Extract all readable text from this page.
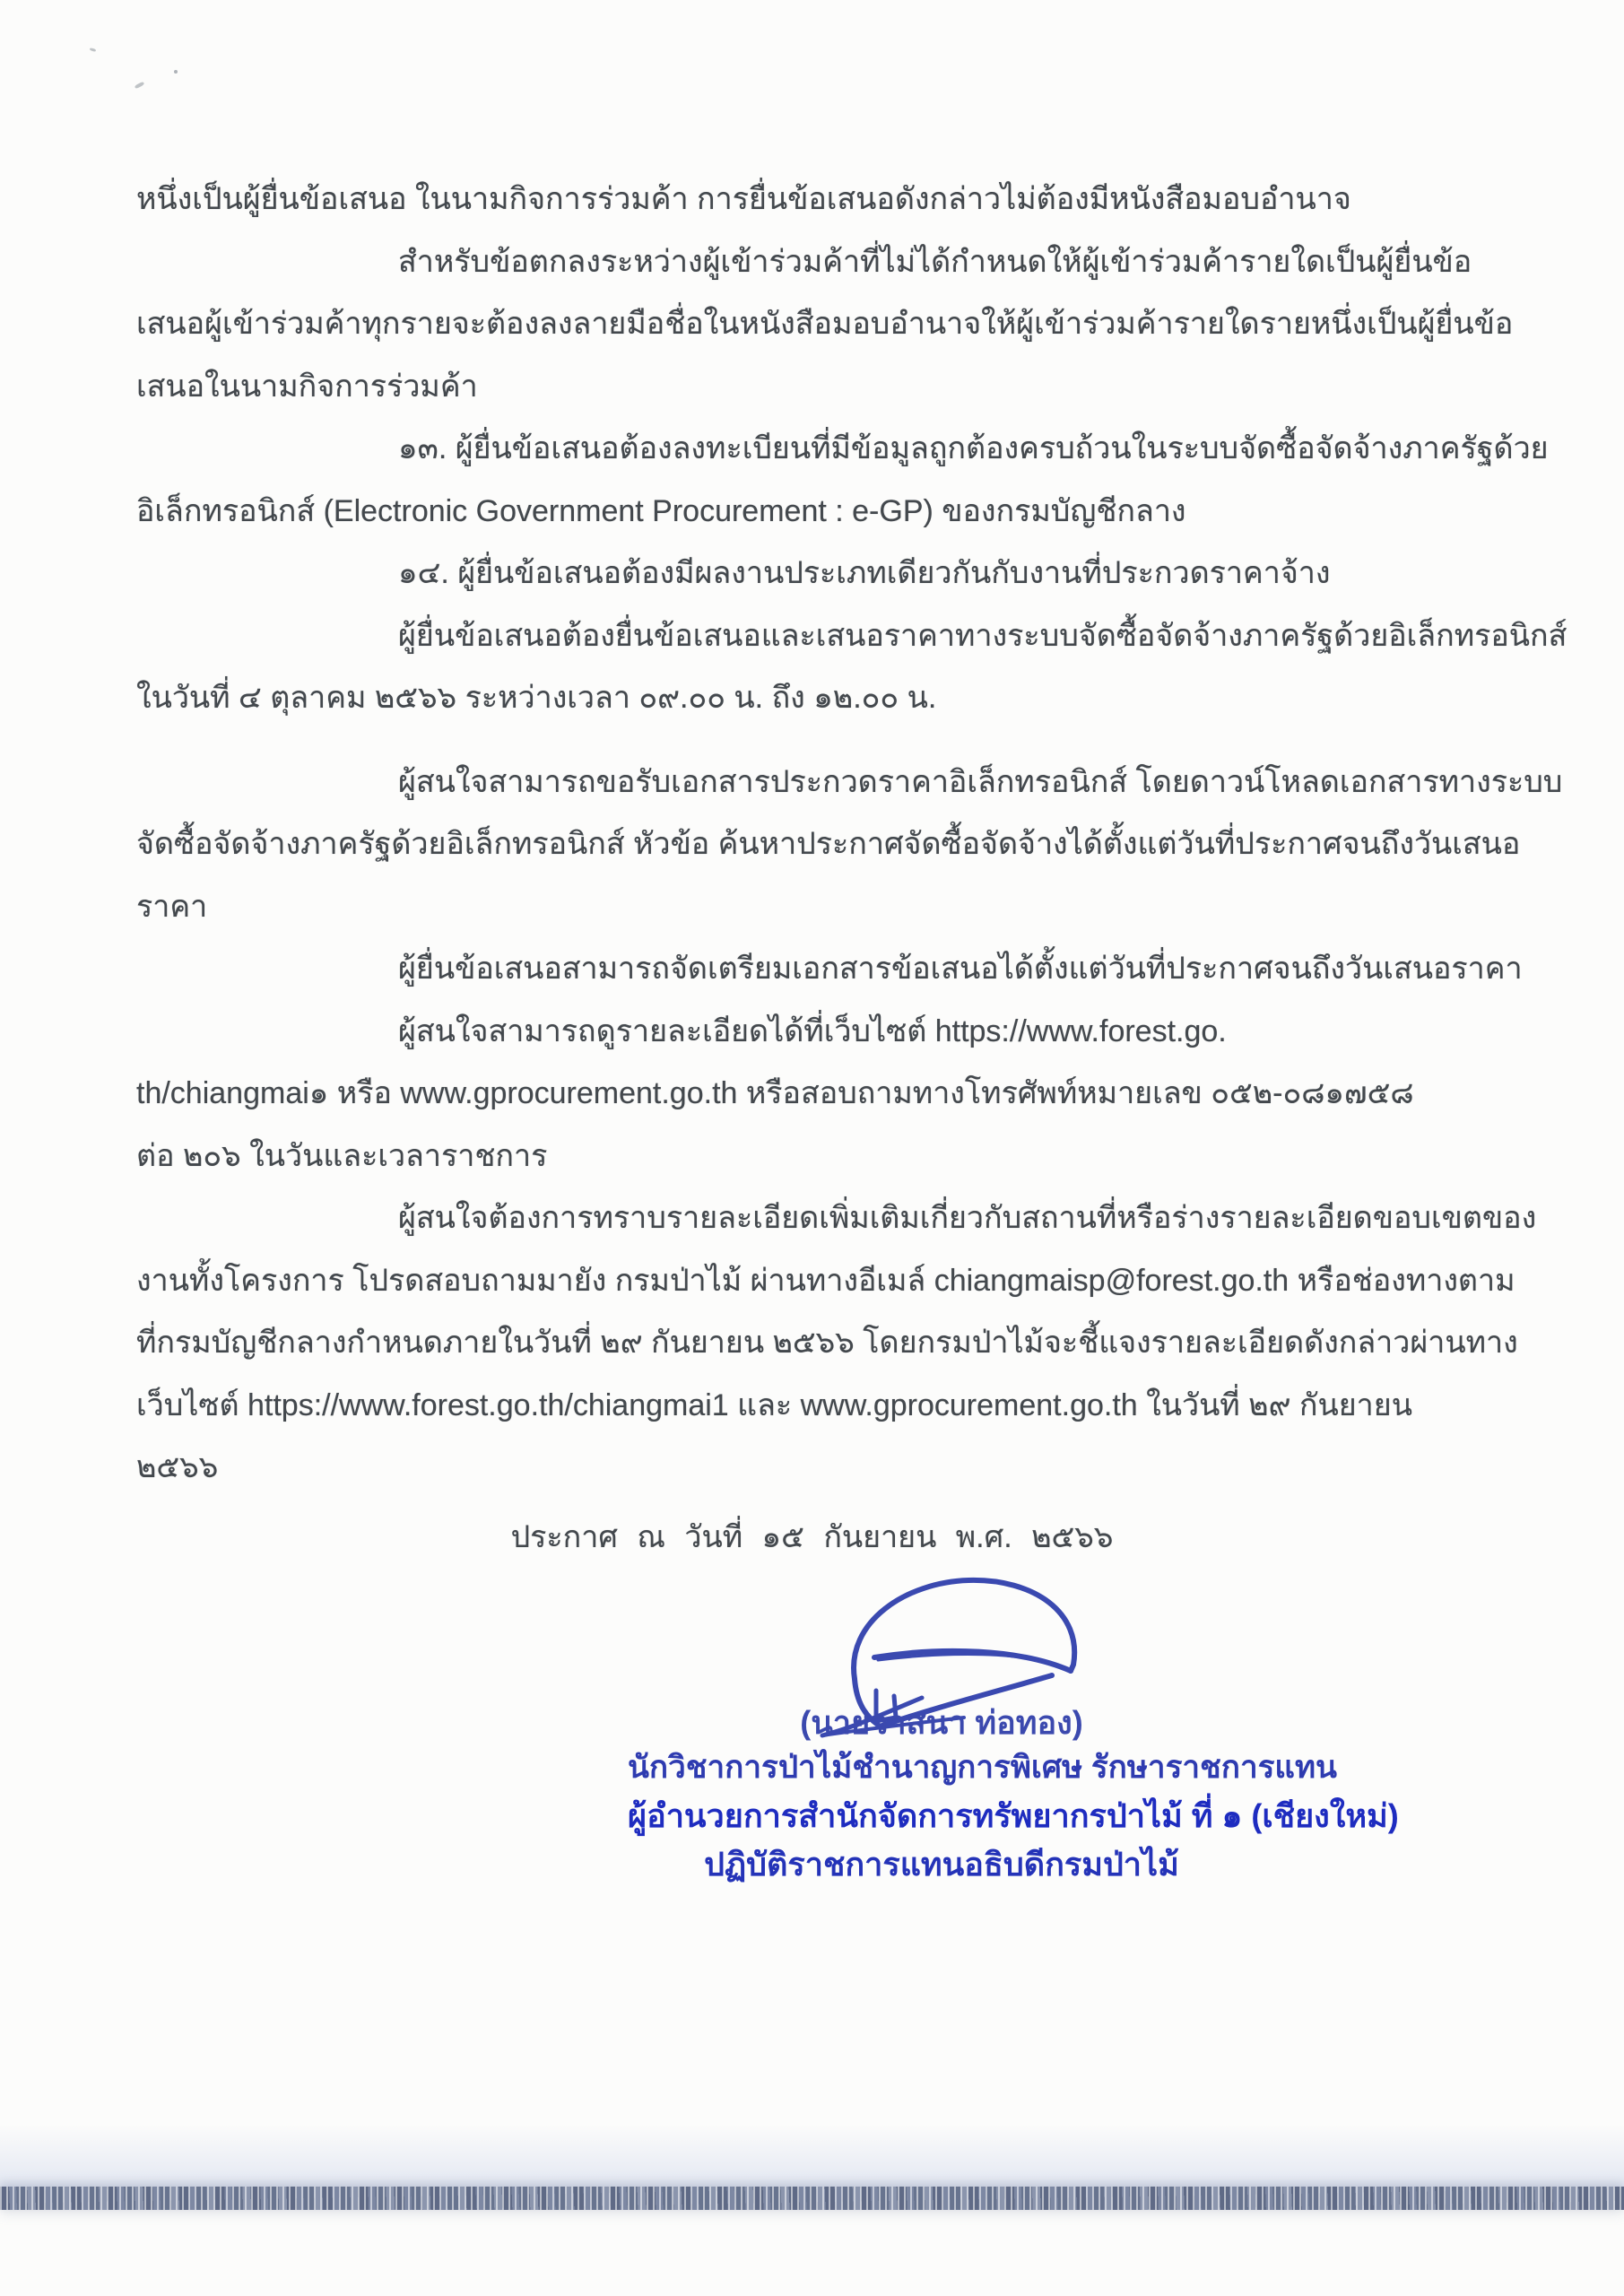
หนึ่งเป็นผู้ยื่นข้อเสนอ ในนามกิจการร่วมค้า การยื่นข้อเสนอดังกล่าวไม่ต้องมีหนังสือมอบอำนาจ
สำหรับข้อตกลงระหว่างผู้เข้าร่วมค้าที่ไม่ได้กำหนดให้ผู้เข้าร่วมค้ารายใดเป็นผู้ยื่นข้อ
เสนอผู้เข้าร่วมค้าทุกรายจะต้องลงลายมือชื่อในหนังสือมอบอำนาจให้ผู้เข้าร่วมค้ารายใดรายหนึ่งเป็นผู้ยื่นข้อ
เสนอในนามกิจการร่วมค้า
๑๓. ผู้ยื่นข้อเสนอต้องลงทะเบียนที่มีข้อมูลถูกต้องครบถ้วนในระบบจัดซื้อจัดจ้างภาครัฐด้วย
อิเล็กทรอนิกส์ (Electronic Government Procurement : e-GP) ของกรมบัญชีกลาง
๑๔. ผู้ยื่นข้อเสนอต้องมีผลงานประเภทเดียวกันกับงานที่ประกวดราคาจ้าง
ผู้ยื่นข้อเสนอต้องยื่นข้อเสนอและเสนอราคาทางระบบจัดซื้อจัดจ้างภาครัฐด้วยอิเล็กทรอนิกส์
ในวันที่ ๔ ตุลาคม ๒๕๖๖ ระหว่างเวลา ๐๙.๐๐ น. ถึง ๑๒.๐๐ น.
ผู้สนใจสามารถขอรับเอกสารประกวดราคาอิเล็กทรอนิกส์ โดยดาวน์โหลดเอกสารทางระบบ
จัดซื้อจัดจ้างภาครัฐด้วยอิเล็กทรอนิกส์ หัวข้อ ค้นหาประกาศจัดซื้อจัดจ้างได้ตั้งแต่วันที่ประกาศจนถึงวันเสนอ
ราคา
ผู้ยื่นข้อเสนอสามารถจัดเตรียมเอกสารข้อเสนอได้ตั้งแต่วันที่ประกาศจนถึงวันเสนอราคา
ผู้สนใจสามารถดูรายละเอียดได้ที่เว็บไซต์ https://www.forest.go.
th/chiangmai๑ หรือ www.gprocurement.go.th หรือสอบถามทางโทรศัพท์หมายเลข ๐๕๒-๐๘๑๗๕๘
ต่อ ๒๐๖ ในวันและเวลาราชการ
ผู้สนใจต้องการทราบรายละเอียดเพิ่มเติมเกี่ยวกับสถานที่หรือร่างรายละเอียดขอบเขตของ
งานทั้งโครงการ โปรดสอบถามมายัง กรมป่าไม้ ผ่านทางอีเมล์ chiangmaisp@forest.go.th หรือช่องทางตาม
ที่กรมบัญชีกลางกำหนดภายในวันที่ ๒๙ กันยายน ๒๕๖๖ โดยกรมป่าไม้จะชี้แจงรายละเอียดดังกล่าวผ่านทาง
เว็บไซต์ https://www.forest.go.th/chiangmai1 และ www.gprocurement.go.th ในวันที่ ๒๙ กันยายน
๒๕๖๖
ประกาศ ณ วันที่ ๑๕ กันยายน พ.ศ. ๒๕๖๖
(นายวาสนา ท่อทอง)
นักวิชาการป่าไม้ชำนาญการพิเศษ รักษาราชการแทน
ผู้อำนวยการสำนักจัดการทรัพยากรป่าไม้ ที่ ๑ (เชียงใหม่)
ปฏิบัติราชการแทนอธิบดีกรมป่าไม้
